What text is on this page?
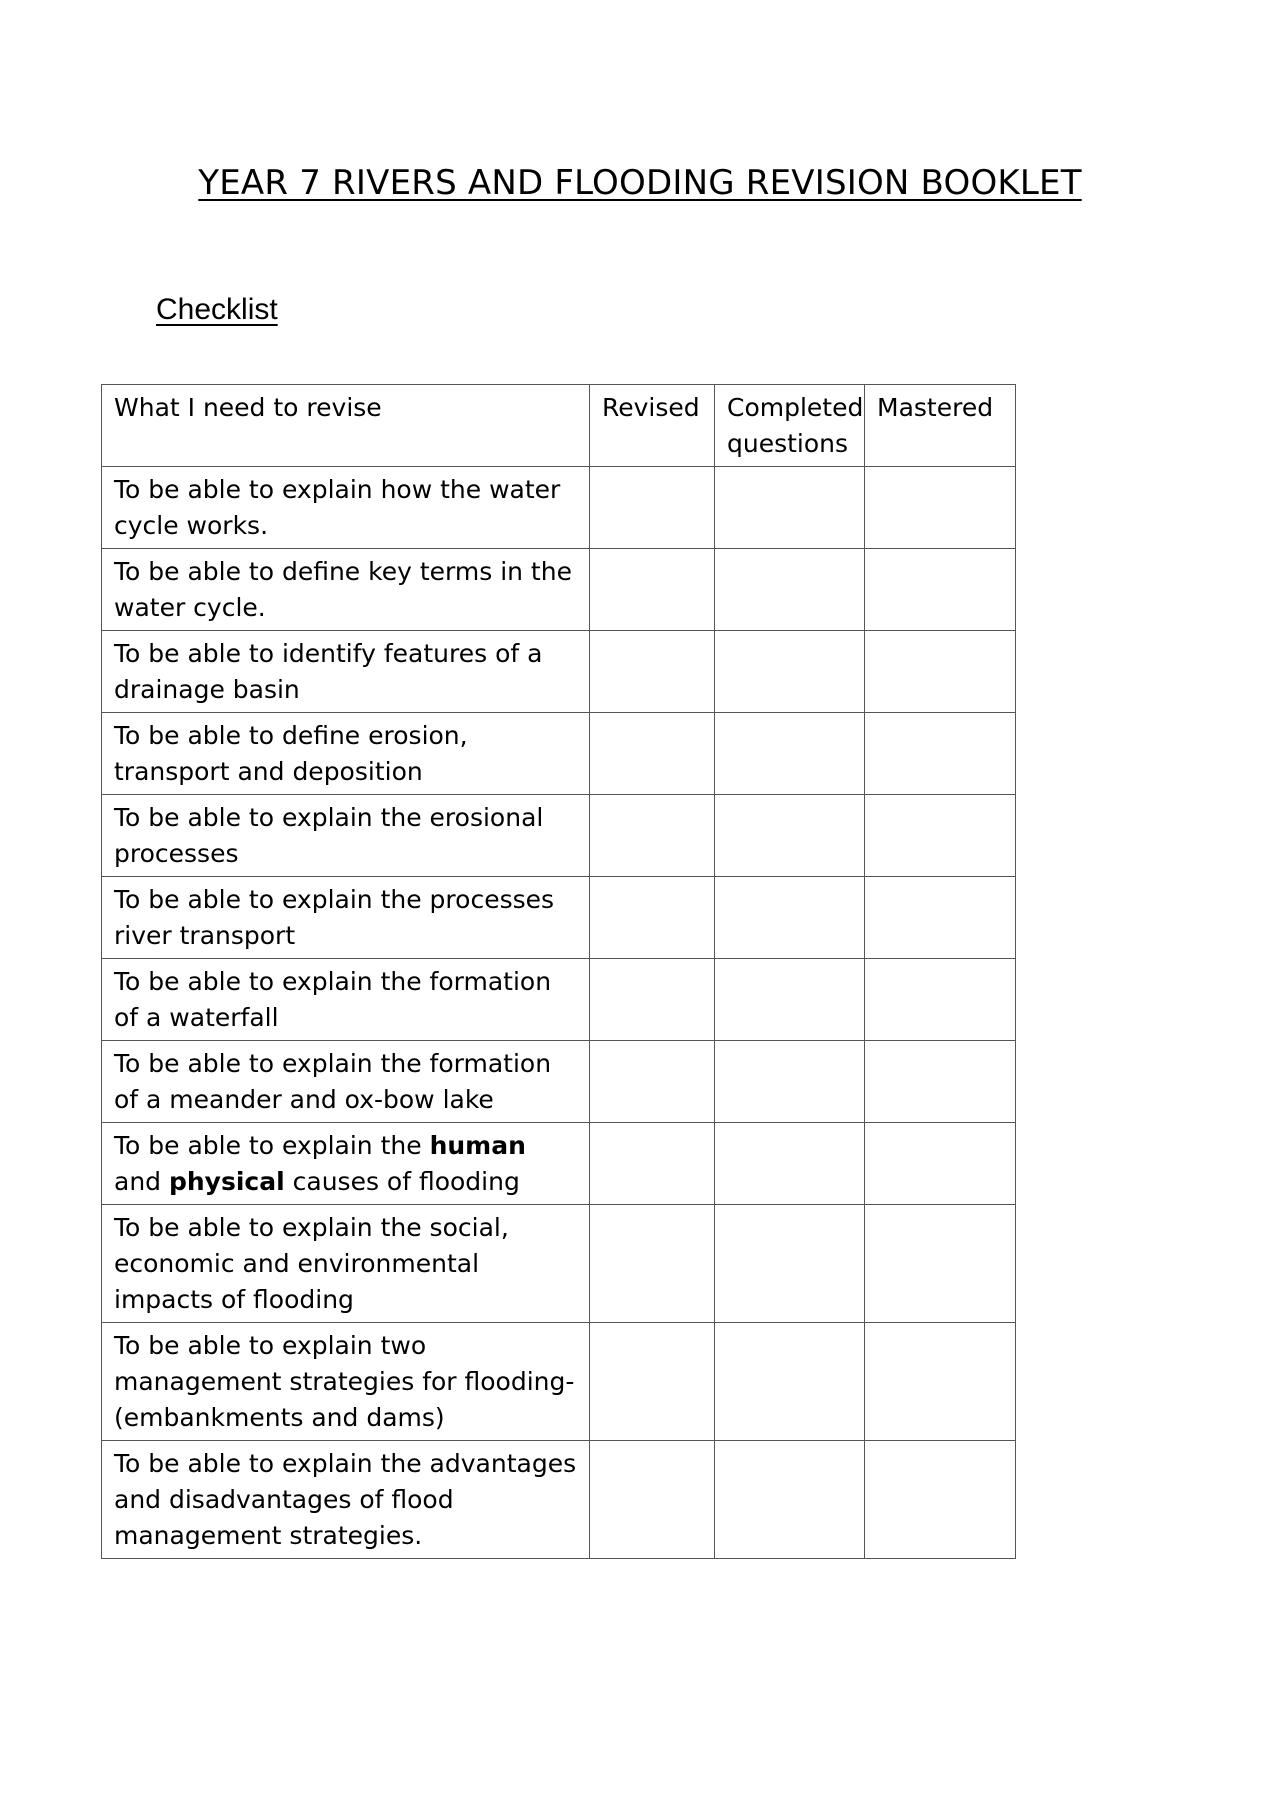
YEAR 7 RIVERS AND FLOODING REVISION BOOKLET
Checklist
What I need to revise	Revised	Completed questions	Mastered
To be able to explain how the water cycle works.			
To be able to define key terms in the water cycle.			
To be able to identify features of a drainage basin			
To be able to define erosion, transport and deposition			
To be able to explain the erosional processes			
To be able to explain the processes river transport			
To be able to explain the formation of a waterfall			
To be able to explain the formation of a meander and ox-bow lake			
To be able to explain the human and physical causes of flooding			
To be able to explain the social, economic and environmental impacts of flooding			
To be able to explain two management strategies for flooding- (embankments and dams)			
To be able to explain the advantages and disadvantages of flood management strategies.			
